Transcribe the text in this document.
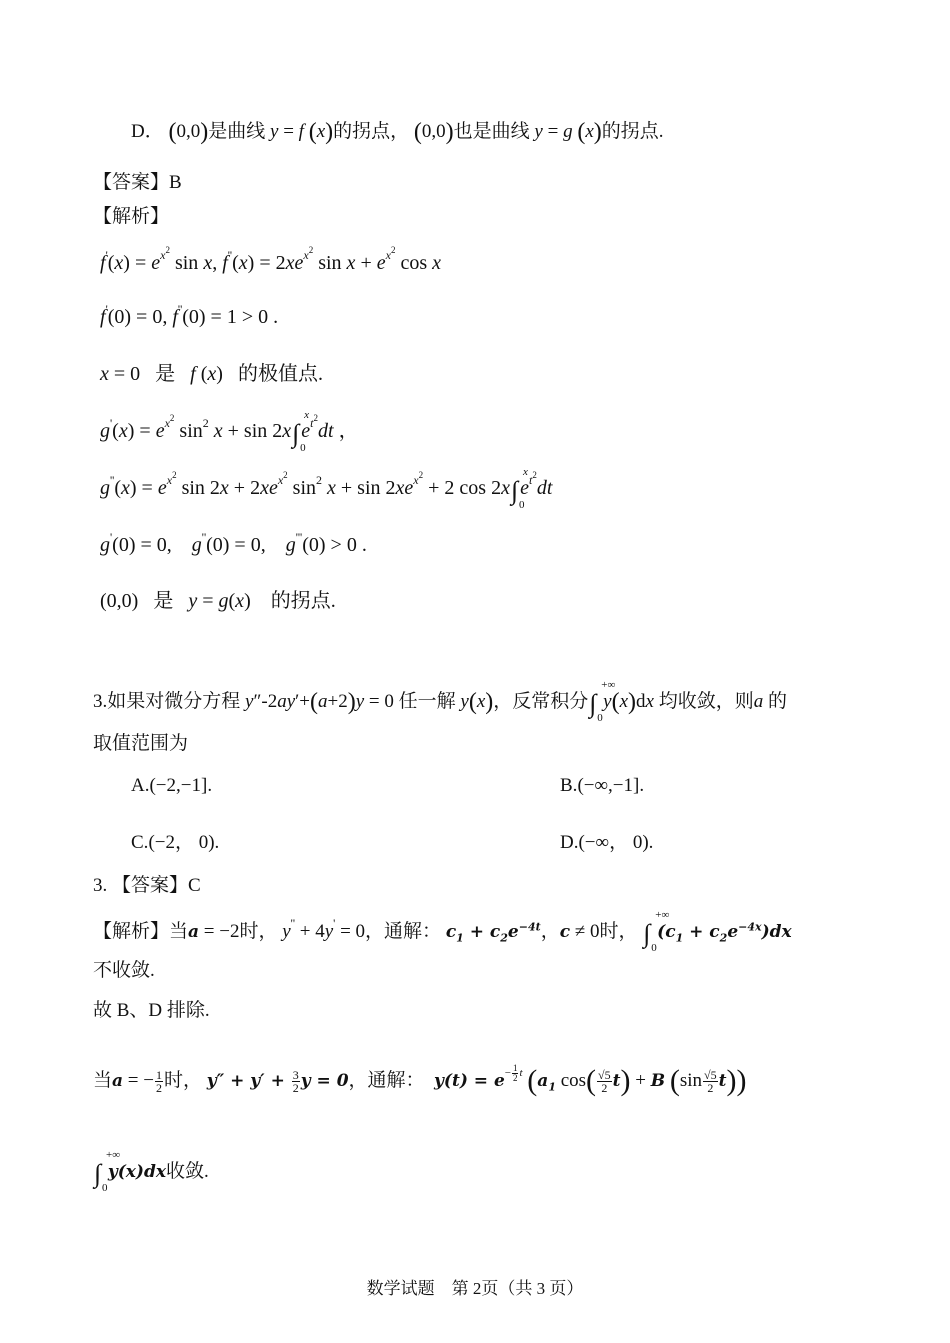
D． (0,0)是曲线 y = f (x)的拐点， (0,0)也是曲线 y = g (x)的拐点.
【答案】B
【解析】
$f'(x) = e^{x^2}$ sin x, $f''(x) = 2xe^{x^2}$ $\sin x + e^{x^2}$ cos x
f'(0) = 0, f''(0) = 1 > 0 .
x = 0   是 f (x)   的极值点.
$g'(x) = e^{x^2}$ $\sin^2 x + \sin 2x\int$
x
0
$e^{t^2}dt$ ，
$g''(x) = e^{x^2}$ $\sin 2x + 2xe^{x^2}$ $\sin^2 x + \sin 2xe^{x^2} + 2$ cos 2x∫
x
0
$e^{t^2}dt$
g'(0) = 0,    g''(0) = 0,    g'''(0) > 0 .
(0,0)   是 y = g(x)    的拐点.
3.如果对微分方程 y″-2ay′+(a+2)y = 0 任一解 y(x)，反常积分∫
+∞
0
y(x)dx 均收敛，则a 的
取值范围为
A.(−2,−1].	B.(−∞,−1].
C.(−2， 0).	D.(−∞， 0).
3. 【答案】C
【解析】当a = −2时， y'' + 4y' = 0，通解： $c_1 + c_2e^{-4t}$，c ≠ 0时， ∫
+∞
0
$(c_1 + c_2e^{-4x})dx$
不收敛.
故 B、D 排除.
当a = − $\frac{1}{2}$ 时， $y'' + y' + \frac{3}{2}$ y = 0，通解： $y(t) = e^{- \frac{1}{2} t}$ ($a_1$ $\cos( \frac{√5}{2} t) + B$ $(\sin \frac{√5}{2} t)$)
∫
+∞
0
y(x)dx收敛.
数学试题　第 2页（共 3 页）
